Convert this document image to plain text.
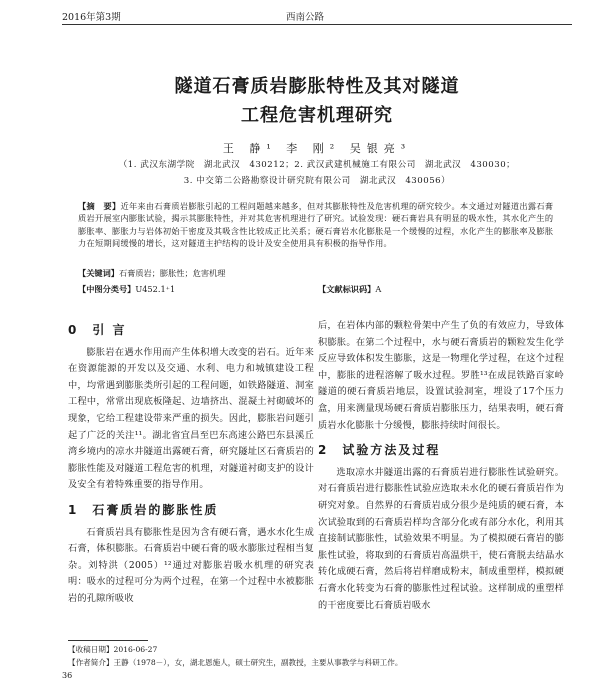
2016年第3期	西南公路
隧道石膏质岩膨胀特性及其对隧道
工程危害机理研究
王 静¹ 李 刚² 吴银亮³
（1. 武汉东湖学院　湖北武汉　430212；2. 武汉武建机械施工有限公司　湖北武汉　430030；
3. 中交第二公路勘察设计研究院有限公司　湖北武汉　430056）
【摘　要】近年来由石膏质岩膨胀引起的工程问题越来越多，但对其膨胀特性及危害机理的研究较少。本文通过对隧道出露石膏质岩开展室内膨胀试验，揭示其膨胀特性，并对其危害机理进行了研究。试验发现：硬石膏岩具有明显的吸水性，其水化产生的膨胀率、膨胀力与岩体初始干密度及其吸含性比较成正比关系；硬石膏岩水化膨胀是一个缓慢的过程，水化产生的膨胀率及膨胀力在短期间缓慢的增长，这对隧道主护结构的设计及安全使用具有积极的指导作用。
【关键词】石膏质岩；膨胀性；危害机理
【中图分类号】U452.1⁺1	【文献标识码】A
0 引 言

膨胀岩在遇水作用而产生体积增大改变的岩石。近年来在资源能源的开发以及交通、水利、电力和城镇建设工程中，均常遇到膨胀类所引起的工程问题，如铁路隧道、洞室工程中，常常出现底板隆起、边墙挤出、混凝土衬砌破坏的现象，它给工程建设带来严重的损失。因此，膨胀岩问题引起了广泛的关注¹¹。湖北省宜昌至巴东高速公路巴东县溪丘湾乡境内的凉水井隧道出露硬石膏，研究隧址区石膏质岩的膨胀性能及对隧道工程危害的机理，对隧道衬砌支护的设计及安全有着特殊重要的指导作用。

1 石膏质岩的膨胀性质

石膏质岩具有膨胀性是因为含有硬石膏，遇水水化生成石膏，体积膨胀。石膏质岩中硬石膏的吸水膨胀过程相当复杂。刘特洪（2005）¹²通过对膨胀岩吸水机理的研究表明：吸水的过程可分为两个过程，在第一个过程中水被膨胀岩的孔隙所吸收

后，在岩体内部的颗粒骨架中产生了负的有效应力，导致体积膨胀。在第二个过程中，水与硬石膏质岩的颗粒发生化学反应导致体积发生膨胀，这是一物理化学过程，在这个过程中，膨胀的进程溶解了吸水过程。罗胜¹³在成昆铁路百家岭隧道的硬石膏质岩地层，设置试验洞室，埋设了17个压力盒，用来测量现场硬石膏质岩膨胀压力，结果表明，硬石膏质岩水化膨胀十分缓慢，膨胀持续时间很长。

2 试验方法及过程

选取凉水井隧道出露的石膏质岩进行膨胀性试验研究。对石膏质岩进行膨胀性试验应选取未水化的硬石膏质岩作为研究对象。自然界的石膏质岩成分很少是纯质的硬石膏，本次试验取到的石膏质岩样均含部分化或有部分水化，利用其直接制试膨胀性，试验效果不明显。为了模拟硬石膏岩的膨胀性试验，将取到的石膏质岩高温烘干，使石膏脱去结晶水转化成硬石膏，然后将岩样磨成粉末，制成重塑样，模拟硬石膏水化转变为石膏的膨胀性过程试验。这样制成的重塑样的干密度要比石膏质岩吸水

【收稿日期】2016-06-27
【作者简介】王静（1978－），女，湖北恩施人，硕士研究生，副教授，主要从事教学与科研工作。
36
